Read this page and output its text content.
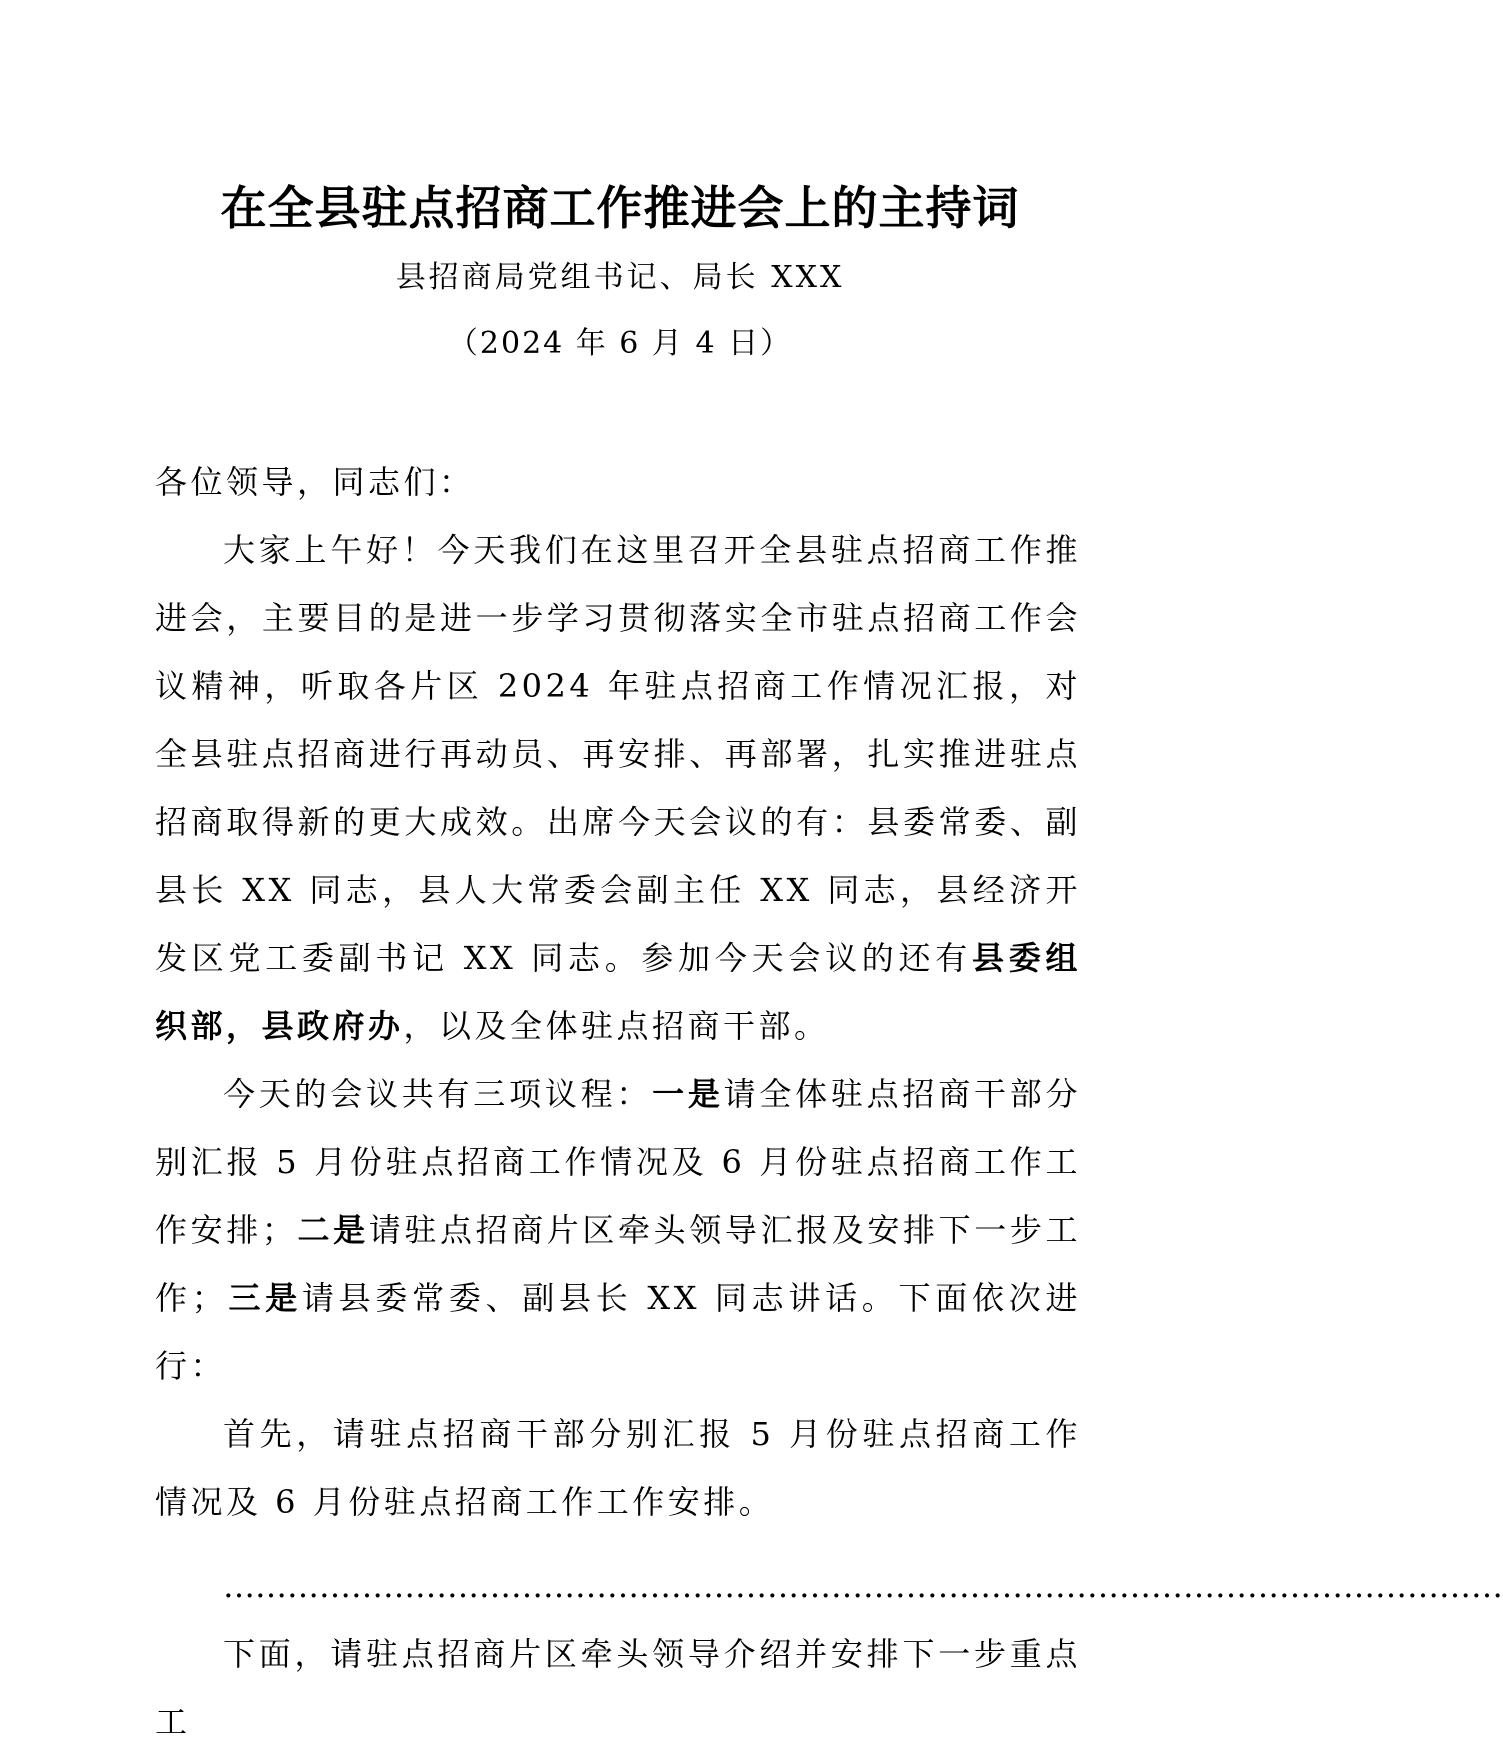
在全县驻点招商工作推进会上的主持词
县招商局党组书记、局长 XXX
（2024 年 6 月 4 日）

各位领导，同志们：

大家上午好！今天我们在这里召开全县驻点招商工作推进会，主要目的是进一步学习贯彻落实全市驻点招商工作会议精神，听取各片区 2024 年驻点招商工作情况汇报，对全县驻点招商进行再动员、再安排、再部署，扎实推进驻点招商取得新的更大成效。出席今天会议的有：县委常委、副县长 XX 同志，县人大常委会副主任 XX 同志，县经济开发区党工委副书记 XX 同志。参加今天会议的还有县委组织部，县政府办，以及全体驻点招商干部。

今天的会议共有三项议程：一是请全体驻点招商干部分别汇报 5 月份驻点招商工作情况及 6 月份驻点招商工作工作安排；二是请驻点招商片区牵头领导汇报及安排下一步工作；三是请县委常委、副县长 XX 同志讲话。下面依次进行：

首先，请驻点招商干部分别汇报 5 月份驻点招商工作情况及 6 月份驻点招商工作工作安排。

…………………………………………………………………………………………………………

下面，请驻点招商片区牵头领导介绍并安排下一步重点工
